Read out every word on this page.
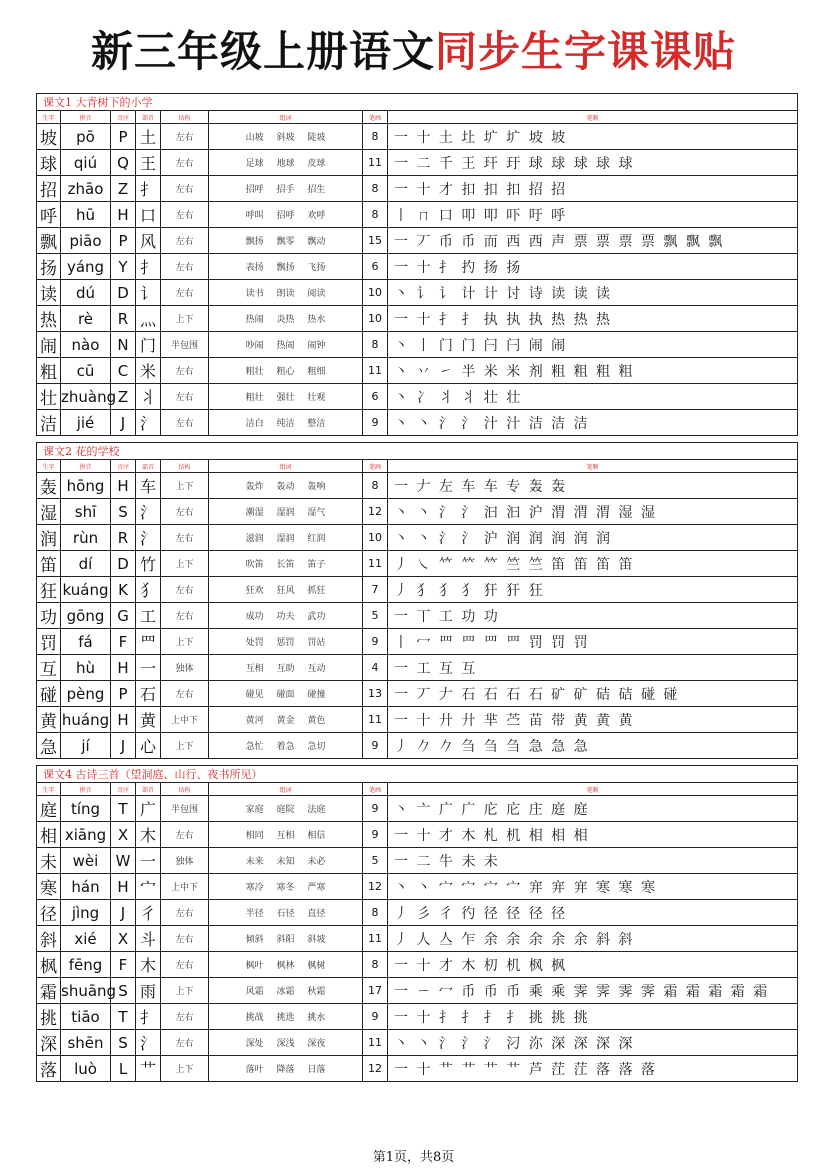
新三年级上册语文同步生字课课贴
课文1 大青树下的小学							
生字	拼音	音序	部首	结构	组词	笔画	笔顺
坡	pō	P	土	左右	山坡 斜坡 陡坡	8	一 十 土 圵 圹 圹 坡 坡
球	qiú	Q	王	左右	足球 地球 皮球	11	一 二 千 王 玕 玗 球 球 球 球 球
招	zhāo	Z	扌	左右	招呼 招手 招生	8	一 十 才 扣 扣 扣 招 招
呼	hū	H	口	左右	呼叫 招呼 欢呼	8	丨 ㄇ 口 叩 叩 吓 吁 呼
飘	piāo	P	风	左右	飘扬 飘零 飘动	15	一 丆 币 币 而 西 西 声 票 票 票 票 飘 飘 飘
扬	yáng	Y	扌	左右	表扬 飘扬 飞扬	6	一 十 扌 扚 扬 扬
读	dú	D	讠	左右	读书 朗读 阅读	10	丶 讠 讠 计 计 讨 诗 读 读 读
热	rè	R	灬	上下	热闹 炎热 热水	10	一 十 扌 扌 执 执 执 热 热 热
闹	nào	N	门	半包围	吵闹 热闹 闹钟	8	丶 丨 门 门 闩 闩 闹 闹
粗	cū	C	米	左右	粗壮 粗心 粗细	11	丶 丷 ㇀ 半 米 米 剂 粗 粗 粗 粗
壮	zhuàng	Z	丬	左右	粗壮 强壮 壮观	6	丶 冫 丬 丬 壮 壮
洁	jié	J	氵	左右	洁白 纯洁 整洁	9	丶 丶 氵 氵 汁 汁 洁 洁 洁
课文2 花的学校							
生字	拼音	音序	部首	结构	组词	笔画	笔顺
轰	hōng	H	车	上下	轰炸 轰动 轰响	8	一 𠂇 左 车 车 专 轰 轰
湿	shī	S	氵	左右	潮湿 湿润 湿气	12	丶 丶 氵 氵 汩 汩 沪 渭 渭 渭 湿 湿
润	rùn	R	氵	左右	滋润 湿润 红润	10	丶 丶 氵 氵 沪 润 润 润 润 润
笛	dí	D	竹	上下	吹笛 长笛 笛子	11	丿 ㇏ 𥫗 𥫗 𥫗 竺 竺 笛 笛 笛 笛
狂	kuáng	K	犭	左右	狂欢 狂风 抓狂	7	丿 犭 犭 犭 犴 犴 狂
功	gōng	G	工	左右	成功 功夫 武功	5	一 丅 工 功 功
罚	fá	F	罒	上下	处罚 惩罚 罚站	9	丨 冖 罒 罒 罒 罒 罚 罚 罚
互	hù	H	一	独体	互相 互助 互动	4	一 工 互 互
碰	pèng	P	石	左右	碰见 碰面 碰撞	13	一 丆 𠂇 石 石 石 石 矿 矿 硈 硈 碰 碰
黄	huáng	H	黄	上中下	黄河 黄金 黄色	11	一 十 廾 廾 芈 苎 苗 带 黄 黄 黄
急	jí	J	心	上下	急忙 着急 急切	9	丿 𠂊 𠂊 刍 刍 刍 急 急 急
课文4 古诗三首（望洞庭、山行、夜书所见）							
生字	拼音	音序	部首	结构	组词	笔画	笔顺
庭	tíng	T	广	半包围	家庭 庭院 法庭	9	丶 亠 广 广 庀 庀 庄 庭 庭
相	xiāng	X	木	左右	相同 互相 相信	9	一 十 才 木 札 机 相 相 相
未	wèi	W	一	独体	未来 未知 未必	5	一 二 牛 未 未
寒	hán	H	宀	上中下	寒冷 寒冬 严寒	12	丶 丶 宀 宀 宀 宀 宑 宑 宑 寒 寒 寒
径	jìng	J	彳	左右	半径 石径 直径	8	丿 彡 彳 彴 径 径 径 径
斜	xié	X	斗	左右	倾斜 斜阳 斜坡	11	丿 人 亼 乍 余 余 余 余 余 斜 斜
枫	fēng	F	木	左右	枫叶 枫林 枫树	8	一 十 才 木 朷 机 枫 枫
霜	shuāng	S	雨	上下	风霜 冰霜 秋霜	17	一 ㄧ 冖 币 币 币 乘 乘 霁 霁 霁 霁 霜 霜 霜 霜 霜
挑	tiāo	T	扌	左右	挑战 挑选 挑水	9	一 十 扌 扌 扌 扌 挑 挑 挑
深	shēn	S	氵	左右	深处 深浅 深夜	11	丶 丶 氵 氵 氵 汈 沵 深 深 深 深
落	luò	L	艹	上下	落叶 降落 日落	12	一 十 艹 艹 艹 艹 芦 茳 茳 落 落 落
第1页，共8页
